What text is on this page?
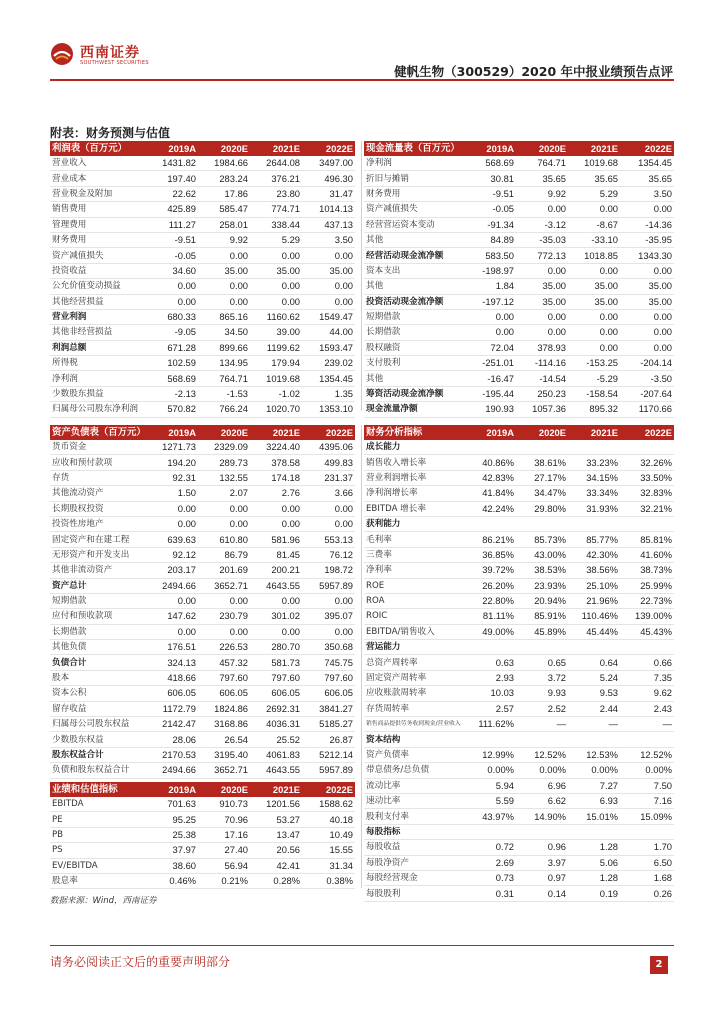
西南证券
SOUTHWEST SECURITIES
健帆生物（300529）2020 年中报业绩预告点评
附表：财务预测与估值
利润表（百万元）	2019A	2020E	2021E	2022E
营业收入	1431.82	1984.66	2644.08	3497.00
营业成本	197.40	283.24	376.21	496.30
营业税金及附加	22.62	17.86	23.80	31.47
销售费用	425.89	585.47	774.71	1014.13
管理费用	111.27	258.01	338.44	437.13
财务费用	-9.51	9.92	5.29	3.50
资产减值损失	-0.05	0.00	0.00	0.00
投资收益	34.60	35.00	35.00	35.00
公允价值变动损益	0.00	0.00	0.00	0.00
其他经营损益	0.00	0.00	0.00	0.00
营业利润	680.33	865.16	1160.62	1549.47
其他非经营损益	-9.05	34.50	39.00	44.00
利润总额	671.28	899.66	1199.62	1593.47
所得税	102.59	134.95	179.94	239.02
净利润	568.69	764.71	1019.68	1354.45
少数股东损益	-2.13	-1.53	-1.02	1.35
归属母公司股东净利润	570.82	766.24	1020.70	1353.10
现金流量表（百万元）	2019A	2020E	2021E	2022E
净利润	568.69	764.71	1019.68	1354.45
折旧与摊销	30.81	35.65	35.65	35.65
财务费用	-9.51	9.92	5.29	3.50
资产减值损失	-0.05	0.00	0.00	0.00
经营营运资本变动	-91.34	-3.12	-8.67	-14.36
其他	84.89	-35.03	-33.10	-35.95
经营活动现金流净额	583.50	772.13	1018.85	1343.30
资本支出	-198.97	0.00	0.00	0.00
其他	1.84	35.00	35.00	35.00
投资活动现金流净额	-197.12	35.00	35.00	35.00
短期借款	0.00	0.00	0.00	0.00
长期借款	0.00	0.00	0.00	0.00
股权融资	72.04	378.93	0.00	0.00
支付股利	-251.01	-114.16	-153.25	-204.14
其他	-16.47	-14.54	-5.29	-3.50
筹资活动现金流净额	-195.44	250.23	-158.54	-207.64
现金流量净额	190.93	1057.36	895.32	1170.66
资产负债表（百万元）	2019A	2020E	2021E	2022E
货币资金	1271.73	2329.09	3224.40	4395.06
应收和预付款项	194.20	289.73	378.58	499.83
存货	92.31	132.55	174.18	231.37
其他流动资产	1.50	2.07	2.76	3.66
长期股权投资	0.00	0.00	0.00	0.00
投资性房地产	0.00	0.00	0.00	0.00
固定资产和在建工程	639.63	610.80	581.96	553.13
无形资产和开发支出	92.12	86.79	81.45	76.12
其他非流动资产	203.17	201.69	200.21	198.72
资产总计	2494.66	3652.71	4643.55	5957.89
短期借款	0.00	0.00	0.00	0.00
应付和预收款项	147.62	230.79	301.02	395.07
长期借款	0.00	0.00	0.00	0.00
其他负债	176.51	226.53	280.70	350.68
负债合计	324.13	457.32	581.73	745.75
股本	418.66	797.60	797.60	797.60
资本公积	606.05	606.05	606.05	606.05
留存收益	1172.79	1824.86	2692.31	3841.27
归属母公司股东权益	2142.47	3168.86	4036.31	5185.27
少数股东权益	28.06	26.54	25.52	26.87
股东权益合计	2170.53	3195.40	4061.83	5212.14
负债和股东权益合计	2494.66	3652.71	4643.55	5957.89
财务分析指标	2019A	2020E	2021E	2022E
成长能力				
销售收入增长率	40.86%	38.61%	33.23%	32.26%
营业利润增长率	42.83%	27.17%	34.15%	33.50%
净利润增长率	41.84%	34.47%	33.34%	32.83%
EBITDA 增长率	42.24%	29.80%	31.93%	32.21%
获利能力				
毛利率	86.21%	85.73%	85.77%	85.81%
三费率	36.85%	43.00%	42.30%	41.60%
净利率	39.72%	38.53%	38.56%	38.73%
ROE	26.20%	23.93%	25.10%	25.99%
ROA	22.80%	20.94%	21.96%	22.73%
ROIC	81.11%	85.91%	110.46%	139.00%
EBITDA/销售收入	49.00%	45.89%	45.44%	45.43%
营运能力				
总资产周转率	0.63	0.65	0.64	0.66
固定资产周转率	2.93	3.72	5.24	7.35
应收账款周转率	10.03	9.93	9.53	9.62
存货周转率	2.57	2.52	2.44	2.43
销售商品提供劳务收到现金/营业收入	111.62%	—	—	—
资本结构				
资产负债率	12.99%	12.52%	12.53%	12.52%
带息债务/总负债	0.00%	0.00%	0.00%	0.00%
流动比率	5.94	6.96	7.27	7.50
速动比率	5.59	6.62	6.93	7.16
股利支付率	43.97%	14.90%	15.01%	15.09%
每股指标				
每股收益	0.72	0.96	1.28	1.70
每股净资产	2.69	3.97	5.06	6.50
每股经营现金	0.73	0.97	1.28	1.68
每股股利	0.31	0.14	0.19	0.26
业绩和估值指标	2019A	2020E	2021E	2022E
EBITDA	701.63	910.73	1201.56	1588.62
PE	95.25	70.96	53.27	40.18
PB	25.38	17.16	13.47	10.49
PS	37.97	27.40	20.56	15.55
EV/EBITDA	38.60	56.94	42.41	31.34
股息率	0.46%	0.21%	0.28%	0.38%
数据来源：Wind，西南证券
请务必阅读正文后的重要声明部分	2
